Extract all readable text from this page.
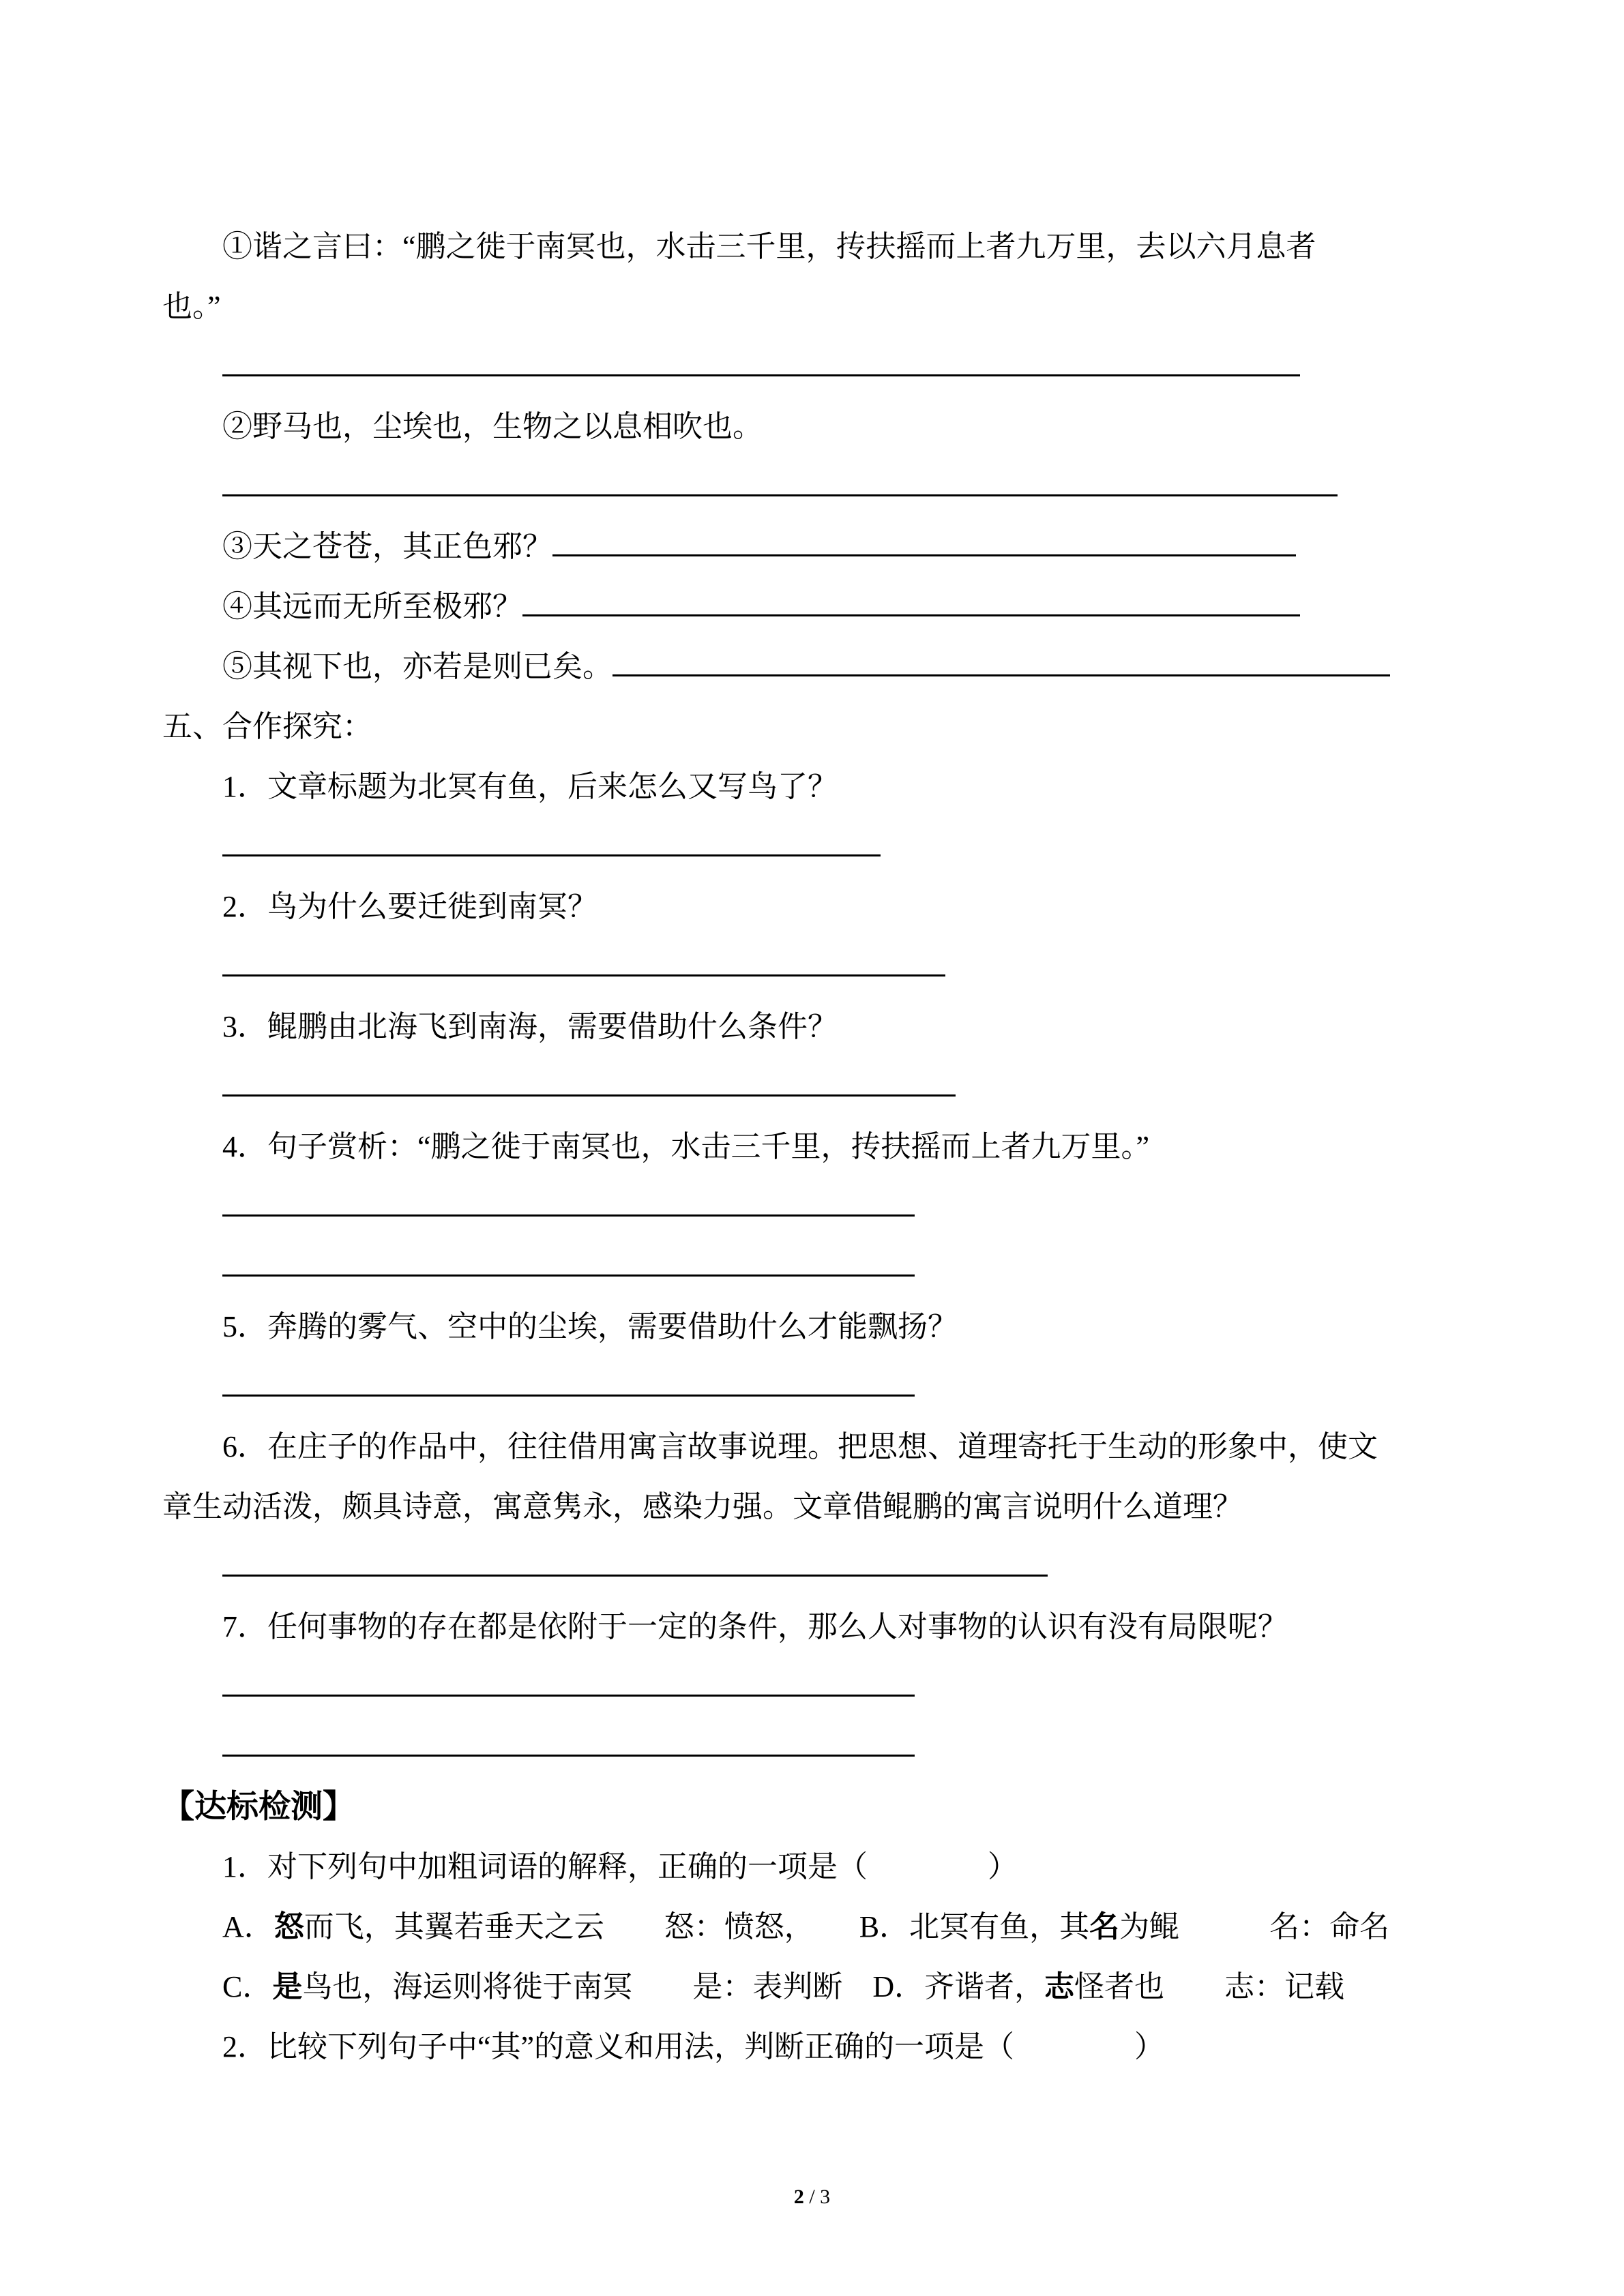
①谐之言曰：“鹏之徙于南冥也，水击三千里，抟扶摇而上者九万里，去以六月息者
也。”
②野马也，尘埃也，生物之以息相吹也。
③天之苍苍，其正色邪？
④其远而无所至极邪？
⑤其视下也，亦若是则已矣。
五、合作探究：
1．文章标题为北冥有鱼，后来怎么又写鸟了？
2．鸟为什么要迁徙到南冥？
3．鲲鹏由北海飞到南海，需要借助什么条件？
4．句子赏析：“鹏之徙于南冥也，水击三千里，抟扶摇而上者九万里。”
5．奔腾的雾气、空中的尘埃，需要借助什么才能飘扬？
6．在庄子的作品中，往往借用寓言故事说理。把思想、道理寄托于生动的形象中，使文
章生动活泼，颇具诗意，寓意隽永，感染力强。文章借鲲鹏的寓言说明什么道理？
7．任何事物的存在都是依附于一定的条件，那么人对事物的认识有没有局限呢？
【达标检测】
1．对下列句中加粗词语的解释，正确的一项是（　　　　）
A．怒而飞，其翼若垂天之云　　怒：愤怒，　　B．北冥有鱼，其名为鲲　　　名：命名
C．是鸟也，海运则将徙于南冥　　是：表判断　D．齐谐者，志怪者也　　志：记载
2．比较下列句子中“其”的意义和用法，判断正确的一项是（　　　　）
2 / 3
